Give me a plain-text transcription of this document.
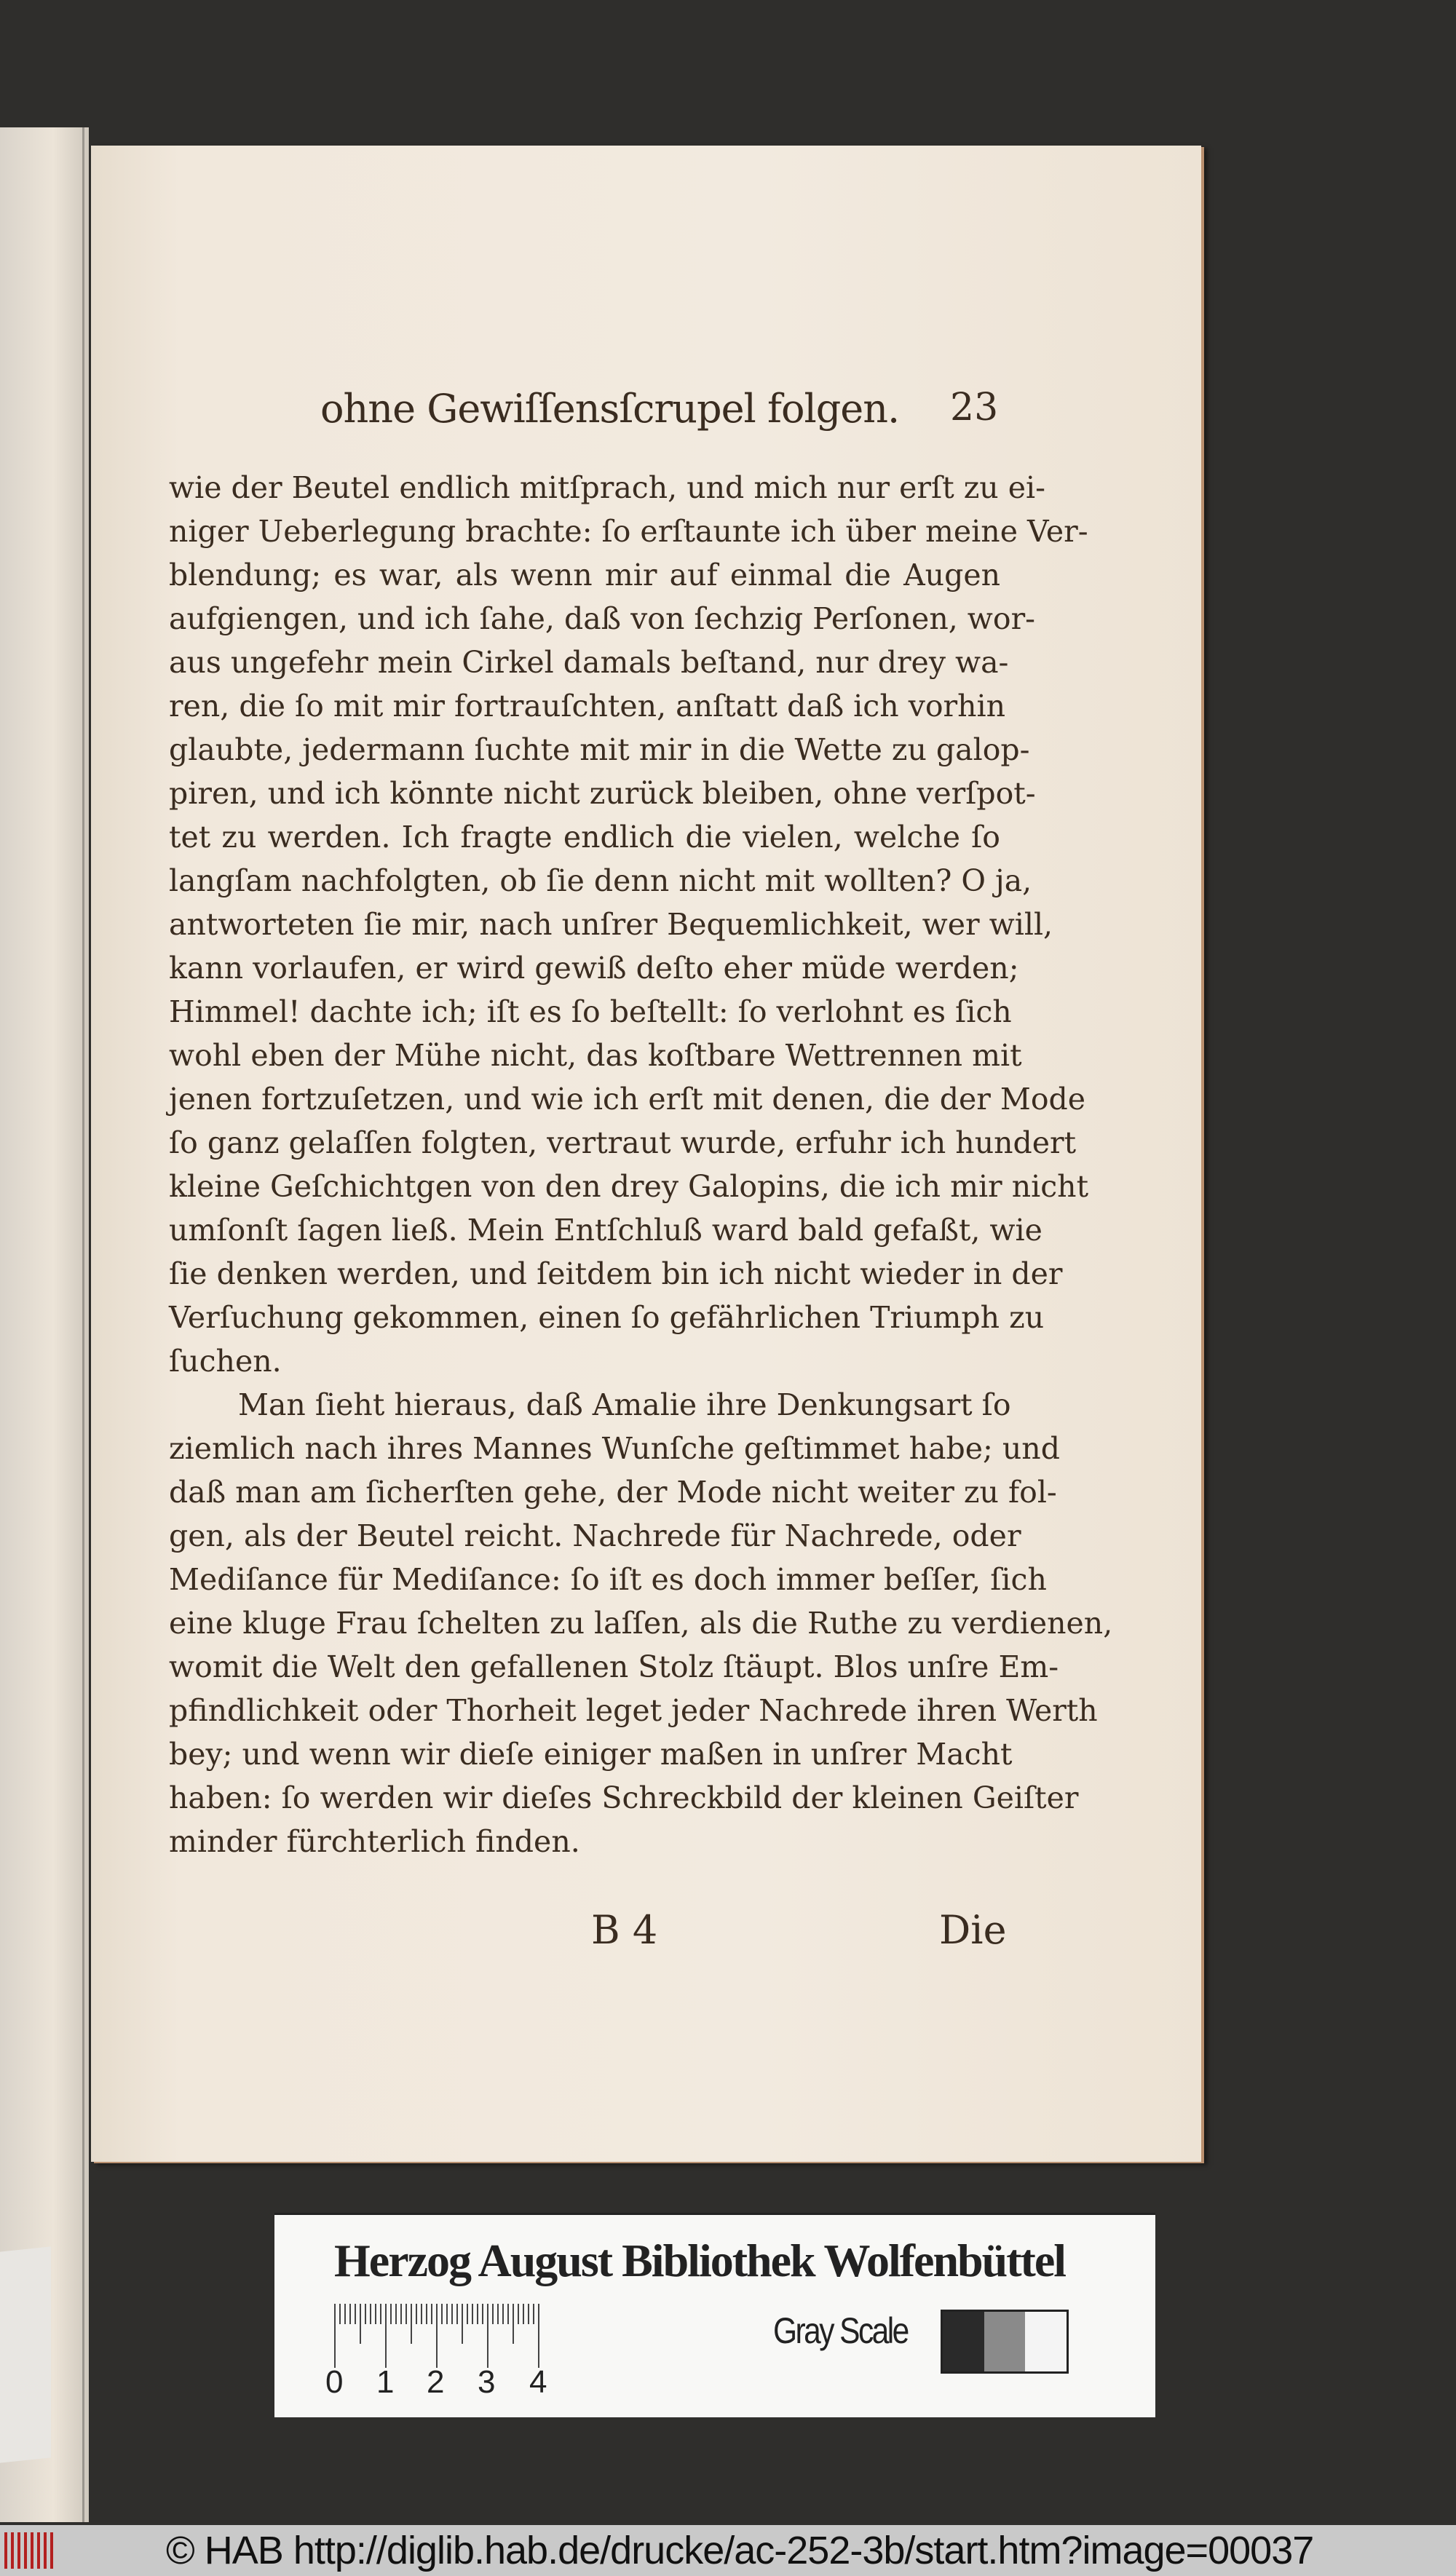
ohne Gewiſſensſcrupel folgen. 23
wie der Beutel endlich mitſprach, und mich nur erſt zu ei-
niger Ueberlegung brachte: ſo erſtaunte ich über meine Ver-
blendung; es war, als wenn mir auf einmal die Augen
aufgiengen, und ich ſahe, daß von ſechzig Perſonen, wor-
aus ungefehr mein Cirkel damals beſtand, nur drey wa-
ren, die ſo mit mir fortrauſchten, anſtatt daß ich vorhin
glaubte, jedermann ſuchte mit mir in die Wette zu galop-
piren, und ich könnte nicht zurück bleiben, ohne verſpot-
tet zu werden. Ich fragte endlich die vielen, welche ſo
langſam nachfolgten, ob ſie denn nicht mit wollten? O ja,
antworteten ſie mir, nach unſrer Bequemlichkeit, wer will,
kann vorlaufen, er wird gewiß deſto eher müde werden;
Himmel! dachte ich; iſt es ſo beſtellt: ſo verlohnt es ſich
wohl eben der Mühe nicht, das koſtbare Wettrennen mit
jenen fortzuſetzen, und wie ich erſt mit denen, die der Mode
ſo ganz gelaſſen folgten, vertraut wurde, erfuhr ich hundert
kleine Geſchichtgen von den drey Galopins, die ich mir nicht
umſonſt ſagen ließ. Mein Entſchluß ward bald gefaßt, wie
ſie denken werden, und ſeitdem bin ich nicht wieder in der
Verſuchung gekommen, einen ſo gefährlichen Triumph zu
ſuchen.
Man ſieht hieraus, daß Amalie ihre Denkungsart ſo
ziemlich nach ihres Mannes Wunſche geſtimmet habe; und
daß man am ſicherſten gehe, der Mode nicht weiter zu fol-
gen, als der Beutel reicht. Nachrede für Nachrede, oder
Mediſance für Mediſance: ſo iſt es doch immer beſſer, ſich
eine kluge Frau ſchelten zu laſſen, als die Ruthe zu verdienen,
womit die Welt den gefallenen Stolz ſtäupt. Blos unſre Em-
pfindlichkeit oder Thorheit leget jeder Nachrede ihren Werth
bey; und wenn wir dieſe einiger maßen in unſrer Macht
haben: ſo werden wir dieſes Schreckbild der kleinen Geiſter
minder fürchterlich finden.
B 4	Die
Herzog August Bibliothek Wolfenbüttel
0 1 2 3 4
Gray Scale
© HAB http://diglib.hab.de/drucke/ac-252-3b/start.htm?image=00037
